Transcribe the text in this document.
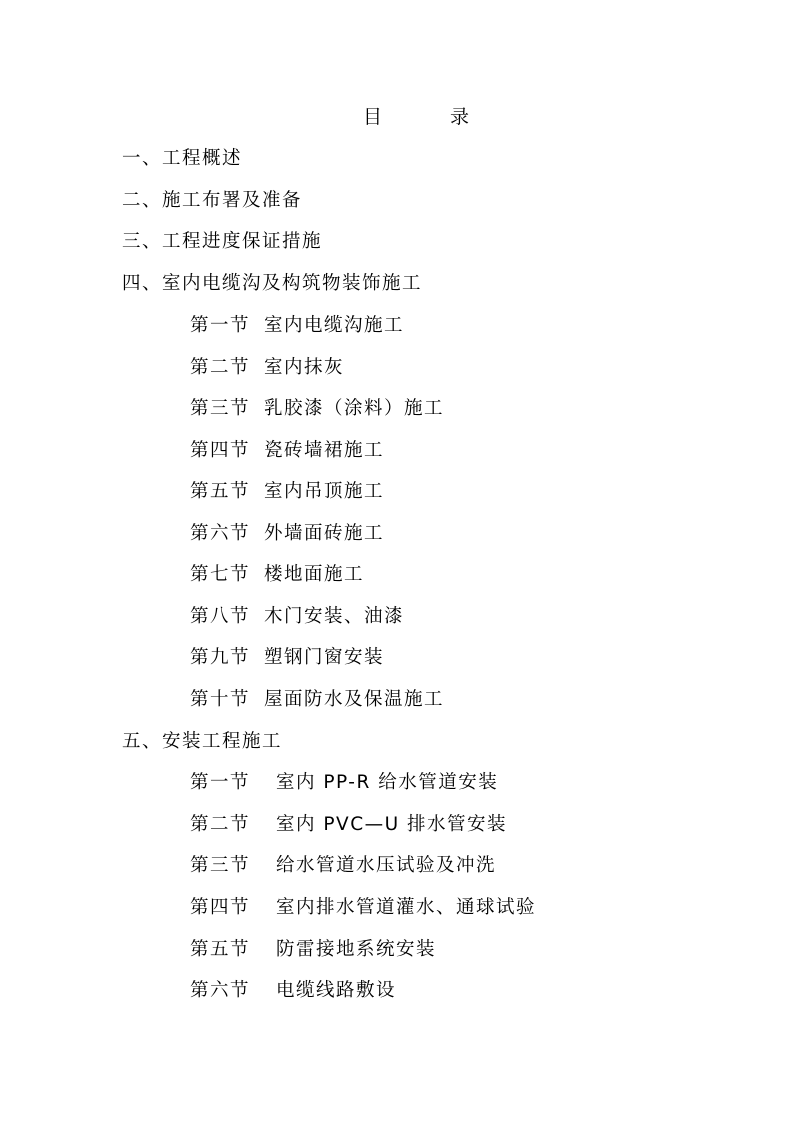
目	录
一、工程概述
二、施工布署及准备
三、工程进度保证措施
四、室内电缆沟及构筑物装饰施工
第一节 室内电缆沟施工
第二节 室内抹灰
第三节 乳胶漆（涂料）施工
第四节 瓷砖墙裙施工
第五节 室内吊顶施工
第六节 外墙面砖施工
第七节 楼地面施工
第八节 木门安装、油漆
第九节 塑钢门窗安装
第十节 屋面防水及保温施工
五、安装工程施工
第一节 室内 PP-R 给水管道安装
第二节 室内 PVC—U 排水管安装
第三节 给水管道水压试验及冲洗
第四节 室内排水管道灌水、通球试验
第五节 防雷接地系统安装
第六节 电缆线路敷设
